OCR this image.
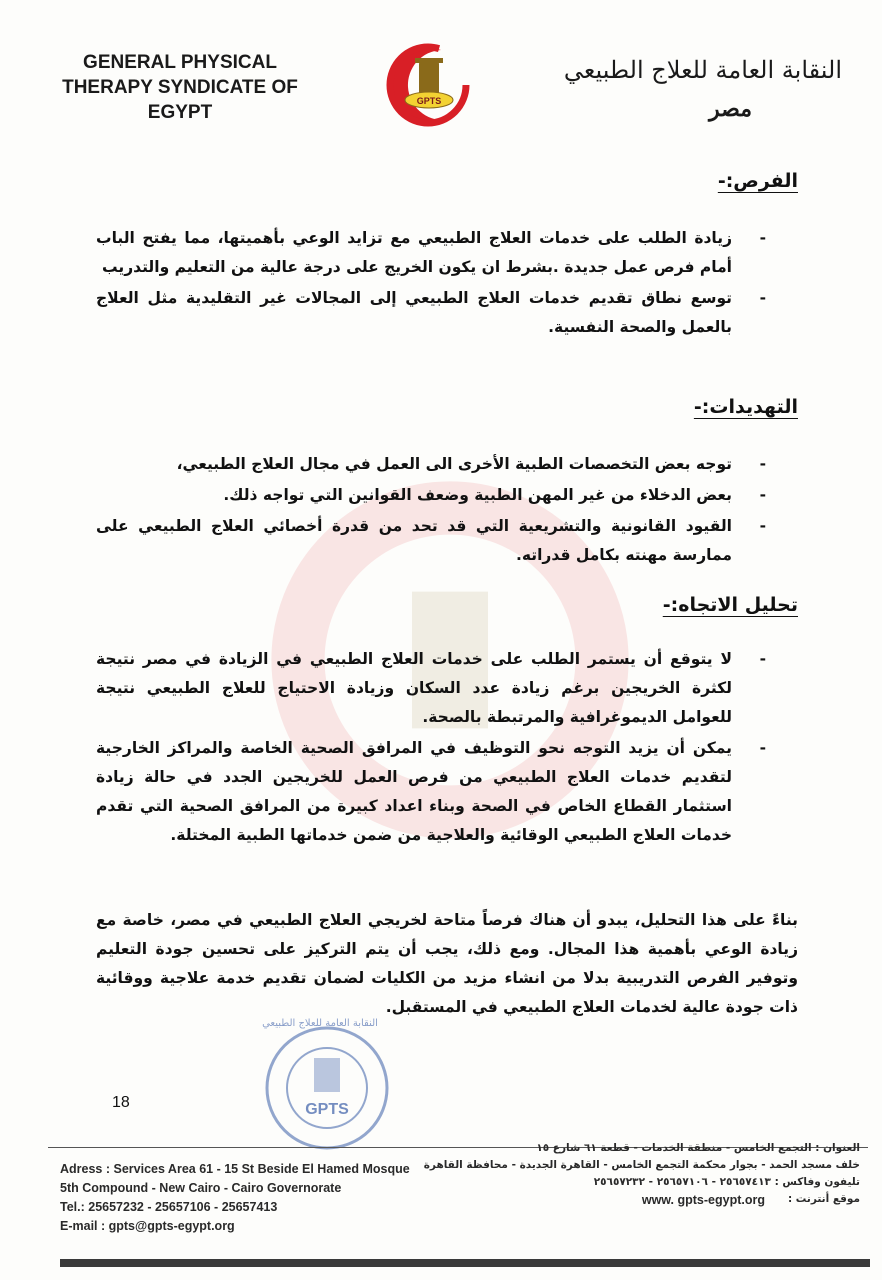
GENERAL PHYSICAL
THERAPY SYNDICATE OF
EGYPT
GPTS
النقابة العامة للعلاج الطبيعي
مصر
الفرص:-
- زيادة الطلب على خدمات العلاج الطبيعي مع تزايد الوعي بأهميتها، مما يفتح الباب أمام فرص عمل جديدة .بشرط ان يكون الخريج على درجة عالية من التعليم والتدريب
- توسع نطاق تقديم خدمات العلاج الطبيعي إلى المجالات غير التقليدية مثل العلاج بالعمل والصحة النفسية.
التهديدات:-
- توجه بعض التخصصات الطبية الأخرى الى العمل في مجال العلاج الطبيعي،
- بعض الدخلاء من غير المهن الطبية وضعف القوانين التي تواجه ذلك.
- القيود القانونية والتشريعية التي قد تحد من قدرة أخصائي العلاج الطبيعي على ممارسة مهنته بكامل قدراته.
تحليل الاتجاه:-
- لا يتوقع أن يستمر الطلب على خدمات العلاج الطبيعي في الزيادة في مصر نتيجة لكثرة الخريجين برغم زيادة عدد السكان وزيادة الاحتياج للعلاج الطبيعي نتيجة للعوامل الديموغرافية والمرتبطة بالصحة.
- يمكن أن يزيد التوجه نحو التوظيف في المرافق الصحية الخاصة والمراكز الخارجية لتقديم خدمات العلاج الطبيعي من فرص العمل للخريجين الجدد في حالة زيادة استثمار القطاع الخاص في الصحة وبناء اعداد كبيرة من المرافق الصحية التي تقدم خدمات العلاج الطبيعي الوقائية والعلاجية من ضمن خدماتها الطبية المختلة.
بناءً على هذا التحليل، يبدو أن هناك فرصاً متاحة لخريجي العلاج الطبيعي في مصر، خاصة مع زيادة الوعي بأهمية هذا المجال. ومع ذلك، يجب أن يتم التركيز على تحسين جودة التعليم وتوفير الفرص التدريبية بدلا من انشاء مزيد من الكليات لضمان تقديم خدمة علاجية ووقائية ذات جودة عالية لخدمات العلاج الطبيعي في المستقبل.
GPTS
النقابة العامة للعلاج الطبيعي
18
Adress : Services Area 61 - 15 St Beside El Hamed Mosque
5th Compound - New Cairo - Cairo Governorate
Tel.: 25657232 - 25657106 - 25657413
E-mail : gpts@gpts-egypt.org
العنوان : التجمع الخامس - منطقة الخدمات - قطعة ٦١ شارع ١٥
خلف مسجد الحمد - بجوار محكمة التجمع الخامس - القاهرة الجديدة - محافظة القاهرة
تليفون وفاكس : ٢٥٦٥٧٤١٣ - ٢٥٦٥٧١٠٦ - ٢٥٦٥٧٢٣٢
موقع أنترنت :
www. gpts-egypt.org
